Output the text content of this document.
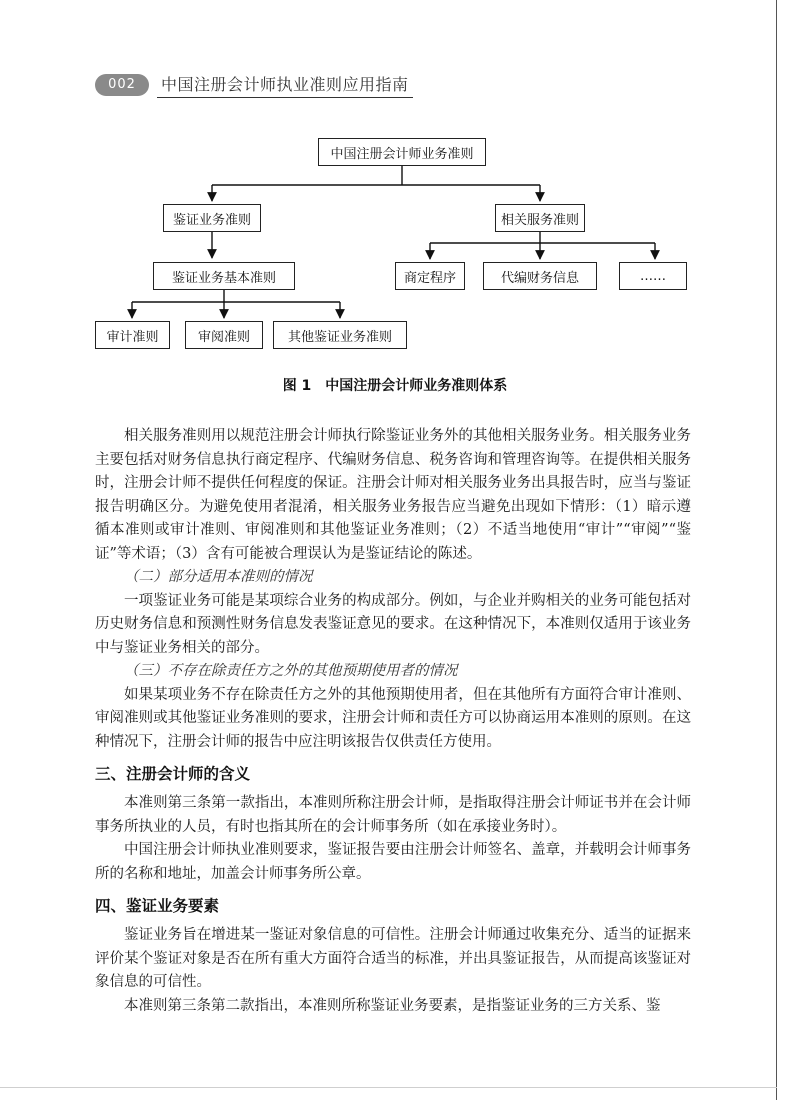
002	中国注册会计师执业准则应用指南
中国注册会计师业务准则
鉴证业务准则	相关服务准则
鉴证业务基本准则
审计准则	审阅准则	其他鉴证业务准则
商定程序	代编财务信息	……
图 1　中国注册会计师业务准则体系

相关服务准则用以规范注册会计师执行除鉴证业务外的其他相关服务业务。相关服务业务主要包括对财务信息执行商定程序、代编财务信息、税务咨询和管理咨询等。在提供相关服务时，注册会计师不提供任何程度的保证。注册会计师对相关服务业务出具报告时，应当与鉴证报告明确区分。为避免使用者混淆，相关服务业务报告应当避免出现如下情形：（1）暗示遵循本准则或审计准则、审阅准则和其他鉴证业务准则；（2）不适当地使用“审计”“审阅”“鉴证”等术语；（3）含有可能被合理误认为是鉴证结论的陈述。

（二）部分适用本准则的情况

一项鉴证业务可能是某项综合业务的构成部分。例如，与企业并购相关的业务可能包括对历史财务信息和预测性财务信息发表鉴证意见的要求。在这种情况下，本准则仅适用于该业务中与鉴证业务相关的部分。

（三）不存在除责任方之外的其他预期使用者的情况

如果某项业务不存在除责任方之外的其他预期使用者，但在其他所有方面符合审计准则、审阅准则或其他鉴证业务准则的要求，注册会计师和责任方可以协商运用本准则的原则。在这种情况下，注册会计师的报告中应注明该报告仅供责任方使用。

三、注册会计师的含义

本准则第三条第一款指出，本准则所称注册会计师，是指取得注册会计师证书并在会计师事务所执业的人员，有时也指其所在的会计师事务所（如在承接业务时）。

中国注册会计师执业准则要求，鉴证报告要由注册会计师签名、盖章，并载明会计师事务所的名称和地址，加盖会计师事务所公章。

四、鉴证业务要素

鉴证业务旨在增进某一鉴证对象信息的可信性。注册会计师通过收集充分、适当的证据来评价某个鉴证对象是否在所有重大方面符合适当的标准，并出具鉴证报告，从而提高该鉴证对象信息的可信性。

本准则第三条第二款指出，本准则所称鉴证业务要素，是指鉴证业务的三方关系、鉴
